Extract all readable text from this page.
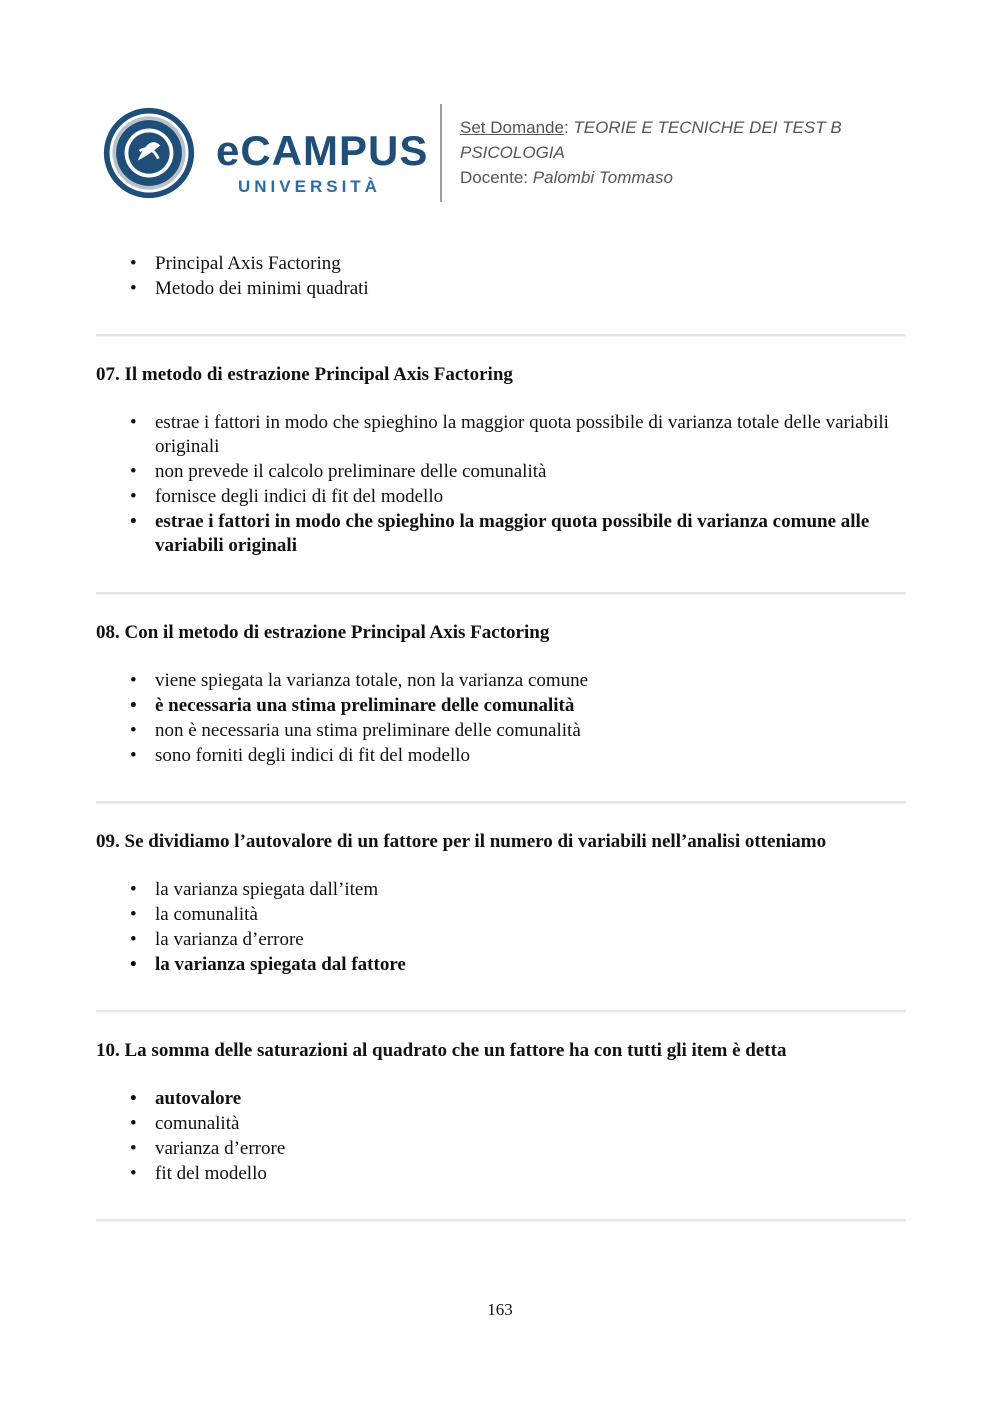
eCAMPUS
UNIVERSITÀ
Set Domande: TEORIE E TECNICHE DEI TEST B
PSICOLOGIA
Docente: Palombi Tommaso
• Principal Axis Factoring
• Metodo dei minimi quadrati

07. Il metodo di estrazione Principal Axis Factoring

• estrae i fattori in modo che spieghino la maggior quota possibile di varianza totale delle variabili originali
• non prevede il calcolo preliminare delle comunalità
• fornisce degli indici di fit del modello
• estrae i fattori in modo che spieghino la maggior quota possibile di varianza comune alle variabili originali

08. Con il metodo di estrazione Principal Axis Factoring

• viene spiegata la varianza totale, non la varianza comune
• è necessaria una stima preliminare delle comunalità
• non è necessaria una stima preliminare delle comunalità
• sono forniti degli indici di fit del modello

09. Se dividiamo l’autovalore di un fattore per il numero di variabili nell’analisi otteniamo

• la varianza spiegata dall’item
• la comunalità
• la varianza d’errore
• la varianza spiegata dal fattore

10. La somma delle saturazioni al quadrato che un fattore ha con tutti gli item è detta

• autovalore
• comunalità
• varianza d’errore
• fit del modello
163
